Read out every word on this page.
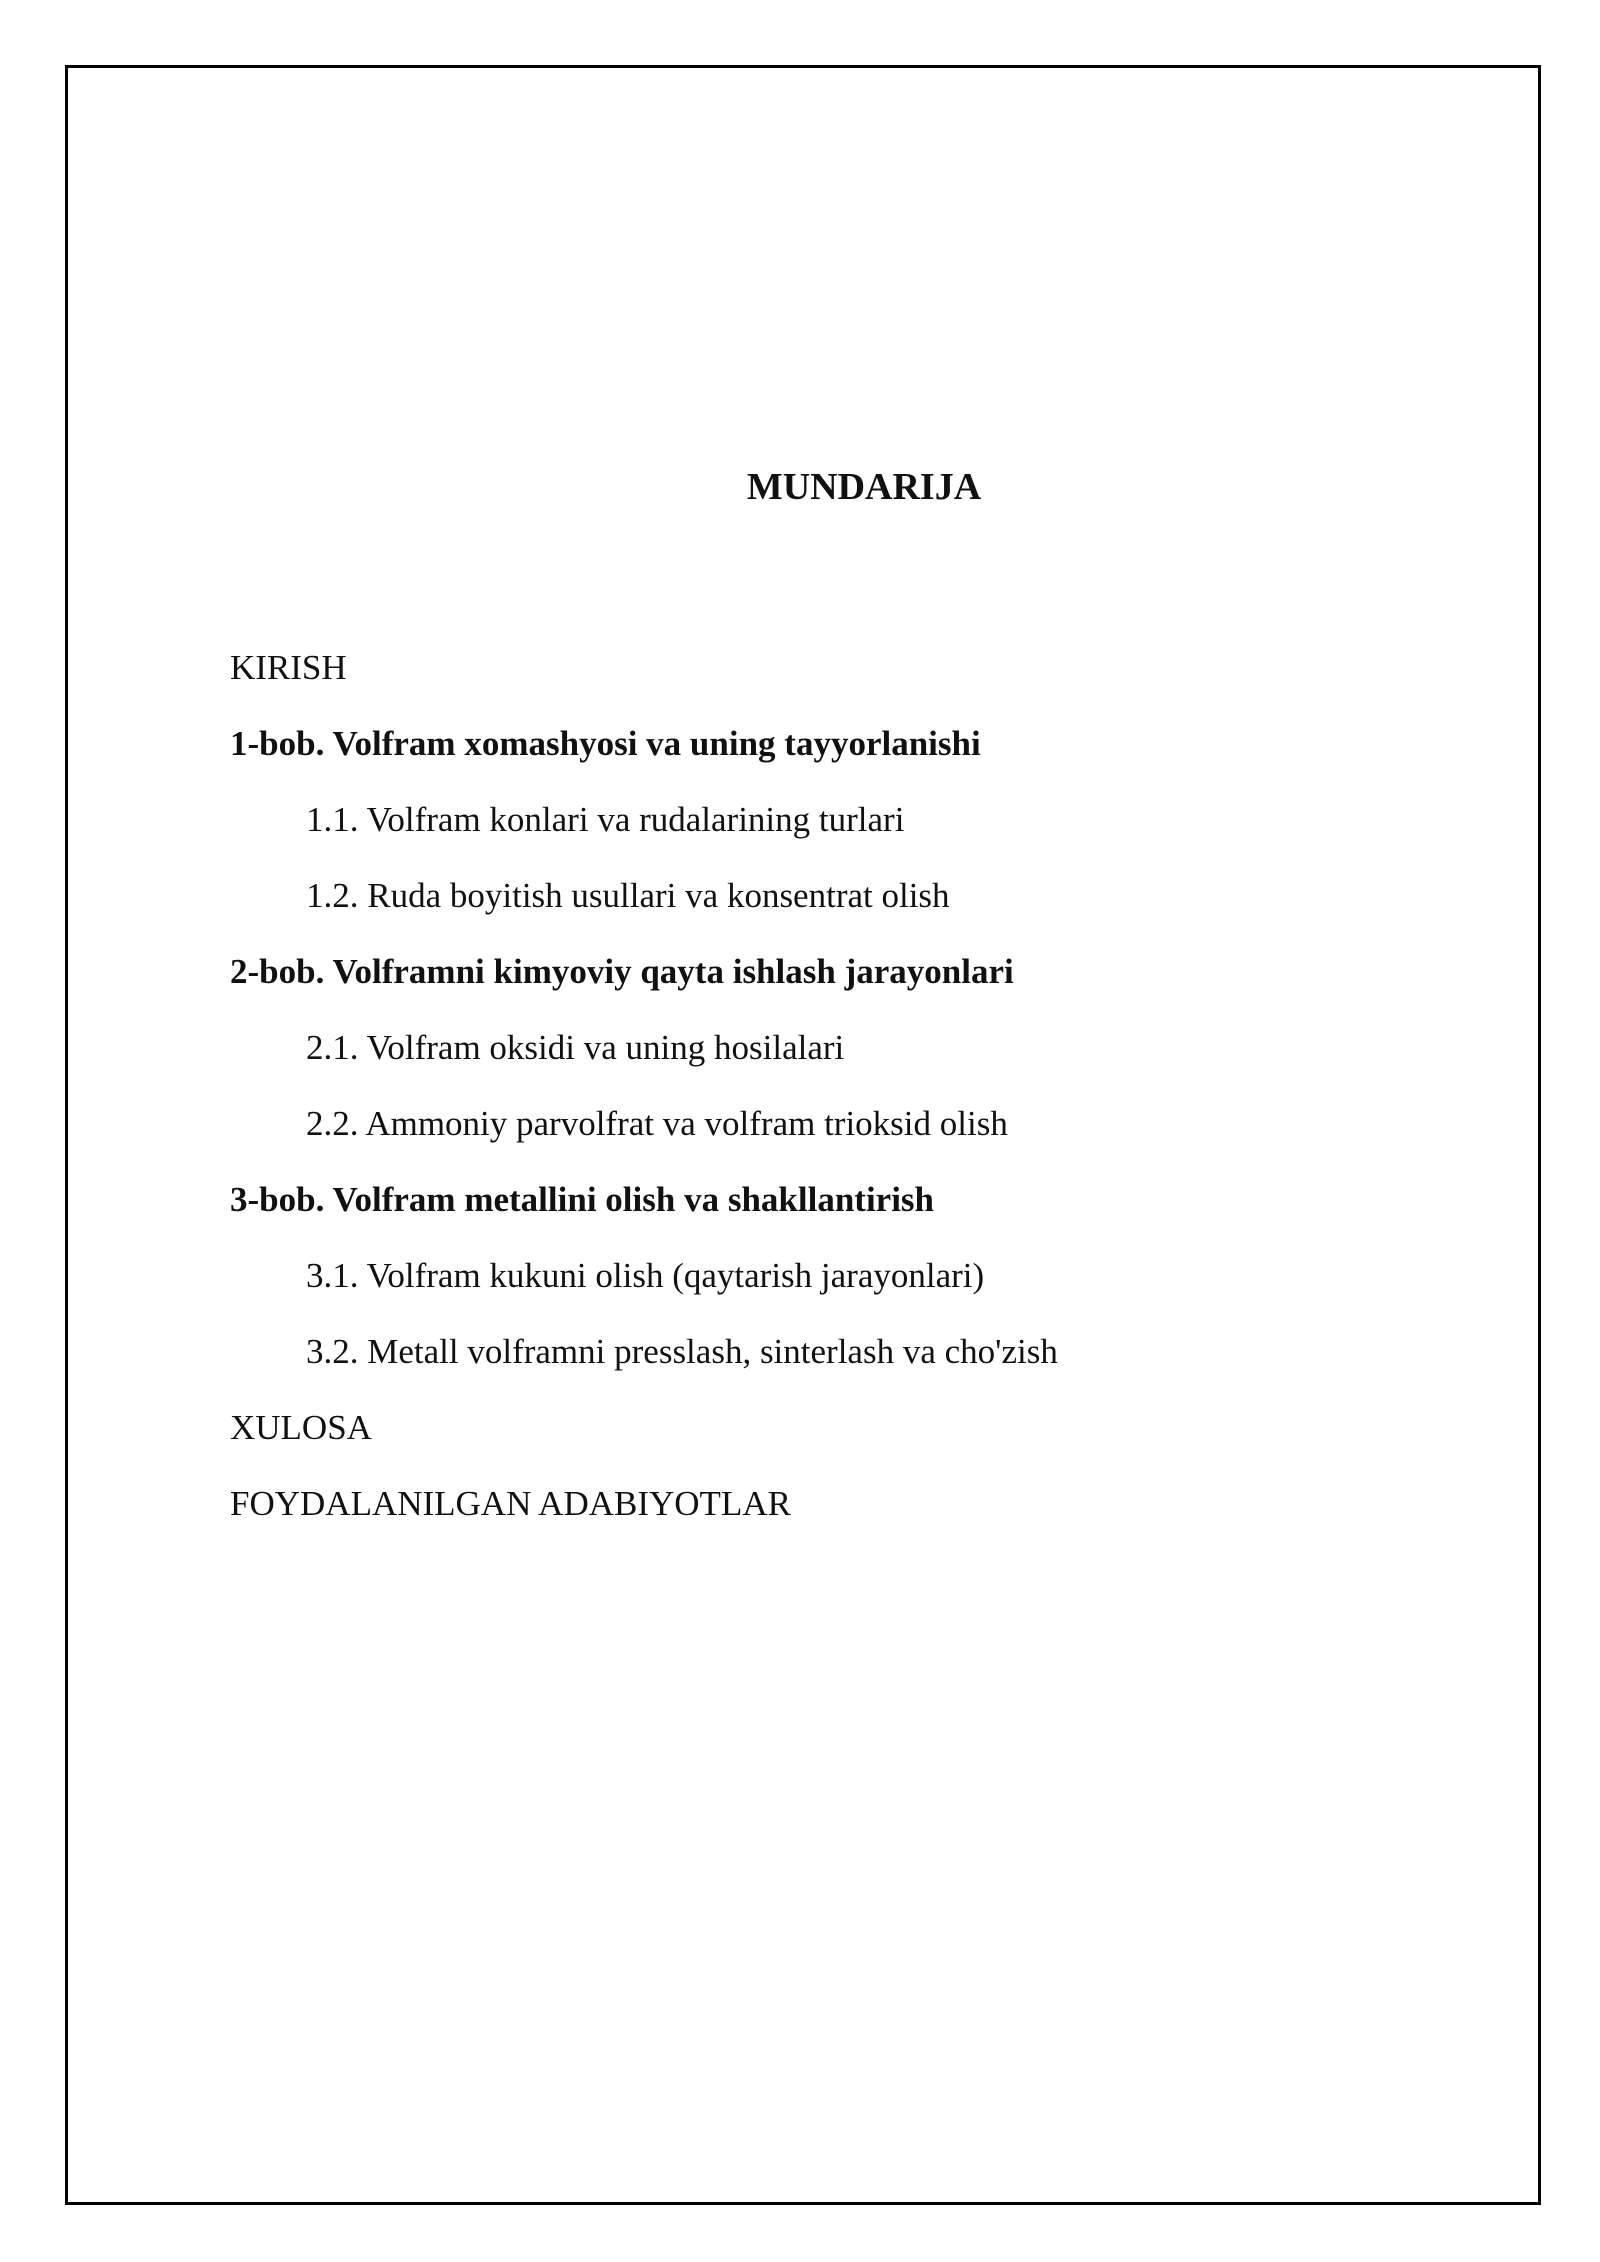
MUNDARIJA
KIRISH
1-bob. Volfram xomashyosi va uning tayyorlanishi
1.1. Volfram konlari va rudalarining turlari
1.2. Ruda boyitish usullari va konsentrat olish
2-bob. Volframni kimyoviy qayta ishlash jarayonlari
2.1. Volfram oksidi va uning hosilalari
2.2. Ammoniy parvolfrat va volfram trioksid olish
3-bob. Volfram metallini olish va shakllantirish
3.1. Volfram kukuni olish (qaytarish jarayonlari)
3.2. Metall volframni presslash, sinterlash va cho'zish
XULOSA
FOYDALANILGAN ADABIYOTLAR
